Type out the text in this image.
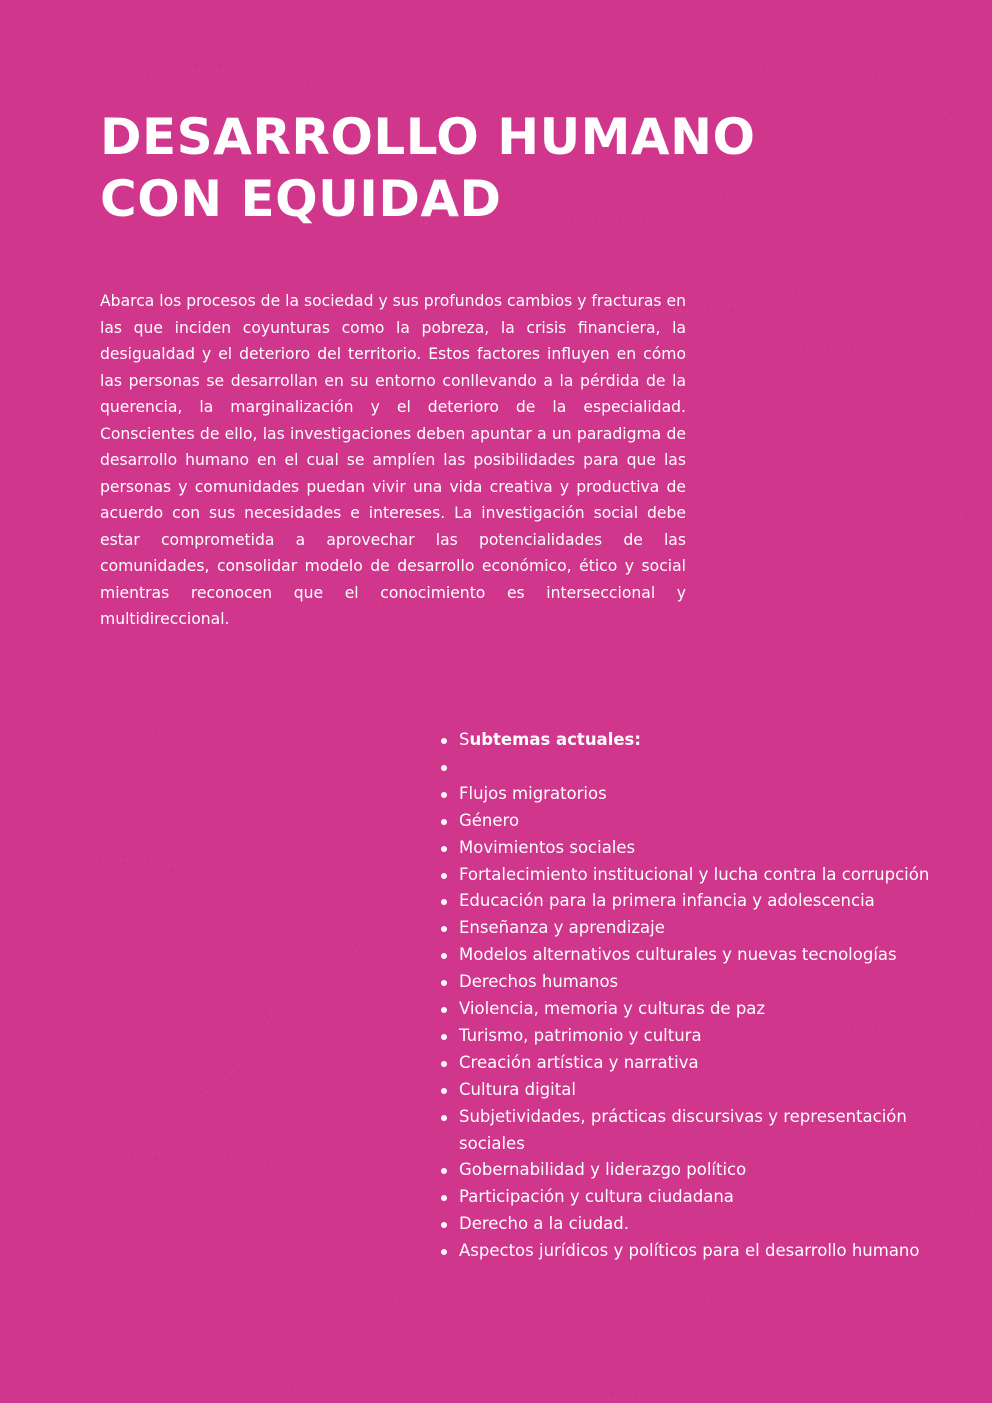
DESARROLLO HUMANO
CON EQUIDAD

Abarca los procesos de la sociedad y sus profundos cambios y fracturas en las que inciden coyunturas como la pobreza, la crisis financiera, la desigualdad y el deterioro del territorio. Estos factores influyen en cómo las personas se desarrollan en su entorno conllevando a la pérdida de la querencia, la marginalización y el deterioro de la especialidad. Conscientes de ello, las investigaciones deben apuntar a un paradigma de desarrollo humano en el cual se amplíen las posibilidades para que las personas y comunidades puedan vivir una vida creativa y productiva de acuerdo con sus necesidades e intereses. La investigación social debe estar comprometida a aprovechar las potencialidades de las comunidades, consolidar modelo de desarrollo económico, ético y social mientras reconocen que el conocimiento es interseccional y multidireccional.

Subtemas actuales:
Flujos migratorios
Género
Movimientos sociales
Fortalecimiento institucional y lucha contra la corrupción
Educación para la primera infancia y adolescencia
Enseñanza y aprendizaje
Modelos alternativos culturales y nuevas tecnologías
Derechos humanos
Violencia, memoria y culturas de paz
Turismo, patrimonio y cultura
Creación artística y narrativa
Cultura digital
Subjetividades, prácticas discursivas y representación sociales
Gobernabilidad y liderazgo político
Participación y cultura ciudadana
Derecho a la ciudad.
Aspectos jurídicos y políticos para el desarrollo humano
